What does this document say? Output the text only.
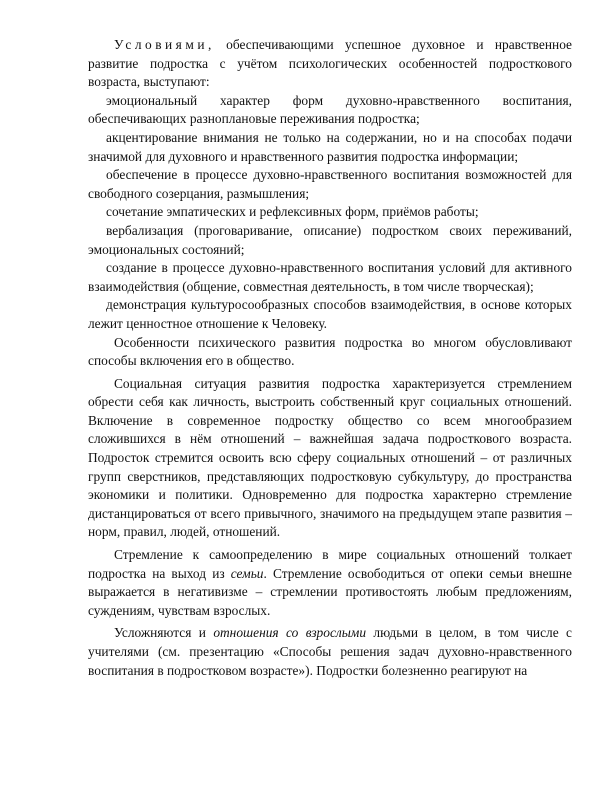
Условиями, обеспечивающими успешное духовное и нравственное развитие подростка с учётом психологических особенностей подросткового возраста, выступают:

эмоциональный характер форм духовно-нравственного воспитания, обеспечивающих разноплановые переживания подростка;

акцентирование внимания не только на содержании, но и на способах подачи значимой для духовного и нравственного развития подростка информации;

обеспечение в процессе духовно-нравственного воспитания возможностей для свободного созерцания, размышления;

сочетание эмпатических и рефлексивных форм, приёмов работы;

вербализация (проговаривание, описание) подростком своих переживаний, эмоциональных состояний;

создание в процессе духовно-нравственного воспитания условий для активного взаимодействия (общение, совместная деятельность, в том числе творческая);

демонстрация культуросообразных способов взаимодействия, в основе которых лежит ценностное отношение к Человеку.

Особенности психического развития подростка во многом обусловливают способы включения его в общество.

Социальная ситуация развития подростка характеризуется стремлением обрести себя как личность, выстроить собственный круг социальных отношений. Включение в современное подростку общество со всем многообразием сложившихся в нём отношений – важнейшая задача подросткового возраста. Подросток стремится освоить всю сферу социальных отношений – от различных групп сверстников, представляющих подростковую субкультуру, до пространства экономики и политики. Одновременно для подростка характерно стремление дистанцироваться от всего привычного, значимого на предыдущем этапе развития – норм, правил, людей, отношений.

Стремление к самоопределению в мире социальных отношений толкает подростка на выход из семьи. Стремление освободиться от опеки семьи внешне выражается в негативизме – стремлении противостоять любым предложениям, суждениям, чувствам взрослых.

Усложняются и отношения со взрослыми людьми в целом, в том числе с учителями (см. презентацию «Способы решения задач духовно-нравственного воспитания в подростковом возрасте»). Подростки болезненно реагируют на
